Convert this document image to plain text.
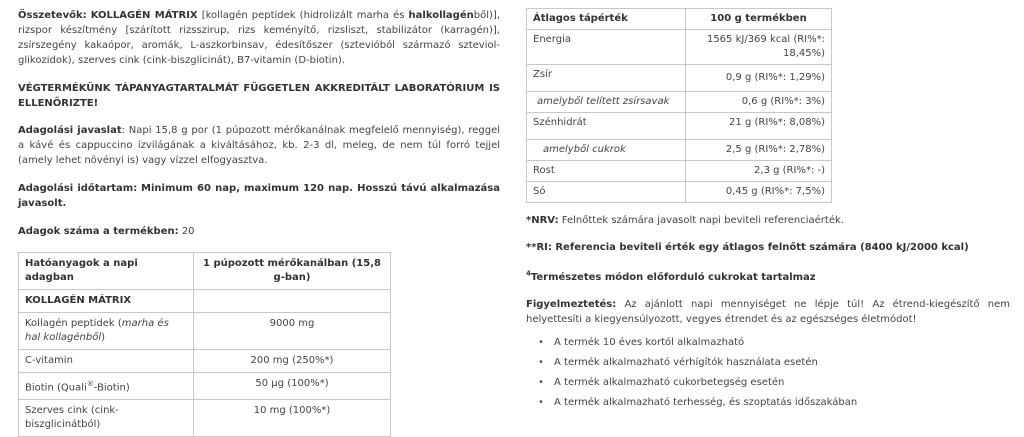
Összetevők: KOLLAGÉN MÁTRIX [kollagén peptidek (hidrolizált marha és halkollagénből)], rizspor készítmény [szárított rizsszirup, rizs keményítő, rizsliszt, stabilizátor (karragén)], zsírszegény kakaópor, aromák, L-aszkorbinsav, édesítőszer (sztevióból származó szteviol-glikozidok), szerves cink (cink-biszglicinát), B7-vitamin (D-biotin).

VÉGTERMÉKÜNK TÁPANYAGTARTALMÁT FÜGGETLEN AKKREDITÁLT LABORATÓRIUM IS ELLENŐRIZTE!

Adagolási javaslat: Napi 15,8 g por (1 púpozott mérőkanálnak megfelelő mennyiség), reggel a kávé és cappuccino ízvilágának a kiváltásához, kb. 2-3 dl, meleg, de nem túl forró tejjel (amely lehet növényi is) vagy vízzel elfogyasztva.

Adagolási időtartam: Minimum 60 nap, maximum 120 nap. Hosszú távú alkalmazása javasolt.

Adagok száma a termékben: 20

Hatóanyagok a napi adagban	1 púpozott mérőkanálban (15,8 g-ban)
KOLLAGÉN MÁTRIX	
Kollagén peptidek (marha és hal kollagénből)	9000 mg
C-vitamin	200 mg (250%*)
Biotin (Quali®-Biotin)	50 µg (100%*)
Szerves cink (cink-biszglicinátból)	10 mg (100%*)
Átlagos tápérték	100 g termékben
Energia	1565 kJ/369 kcal (RI%*: 18,45%)
Zsír	0,9 g (RI%*: 1,29%)
amelyből telített zsírsavak	0,6 g (RI%*: 3%)
Szénhidrát	21 g (RI%*: 8,08%)
amelyből cukrok	2,5 g (RI%*: 2,78%)
Rost	2,3 g (RI%*: -)
Só	0,45 g (RI%*: 7,5%)

*NRV: Felnőttek számára javasolt napi beviteli referenciaérték.

**RI: Referencia beviteli érték egy átlagos felnőtt számára (8400 kJ/2000 kcal)

$^4$Természetes módon előforduló cukrokat tartalmaz

Figyelmeztetés: Az ajánlott napi mennyiséget ne lépje túl! Az étrend-kiegészítő nem helyettesíti a kiegyensúlyozott, vegyes étrendet és az egészséges életmódot!

• A termék 10 éves kortól alkalmazható
• A termék alkalmazható vérhígítók használata esetén
• A termék alkalmazható cukorbetegség esetén
• A termék alkalmazható terhesség, és szoptatás időszakában
